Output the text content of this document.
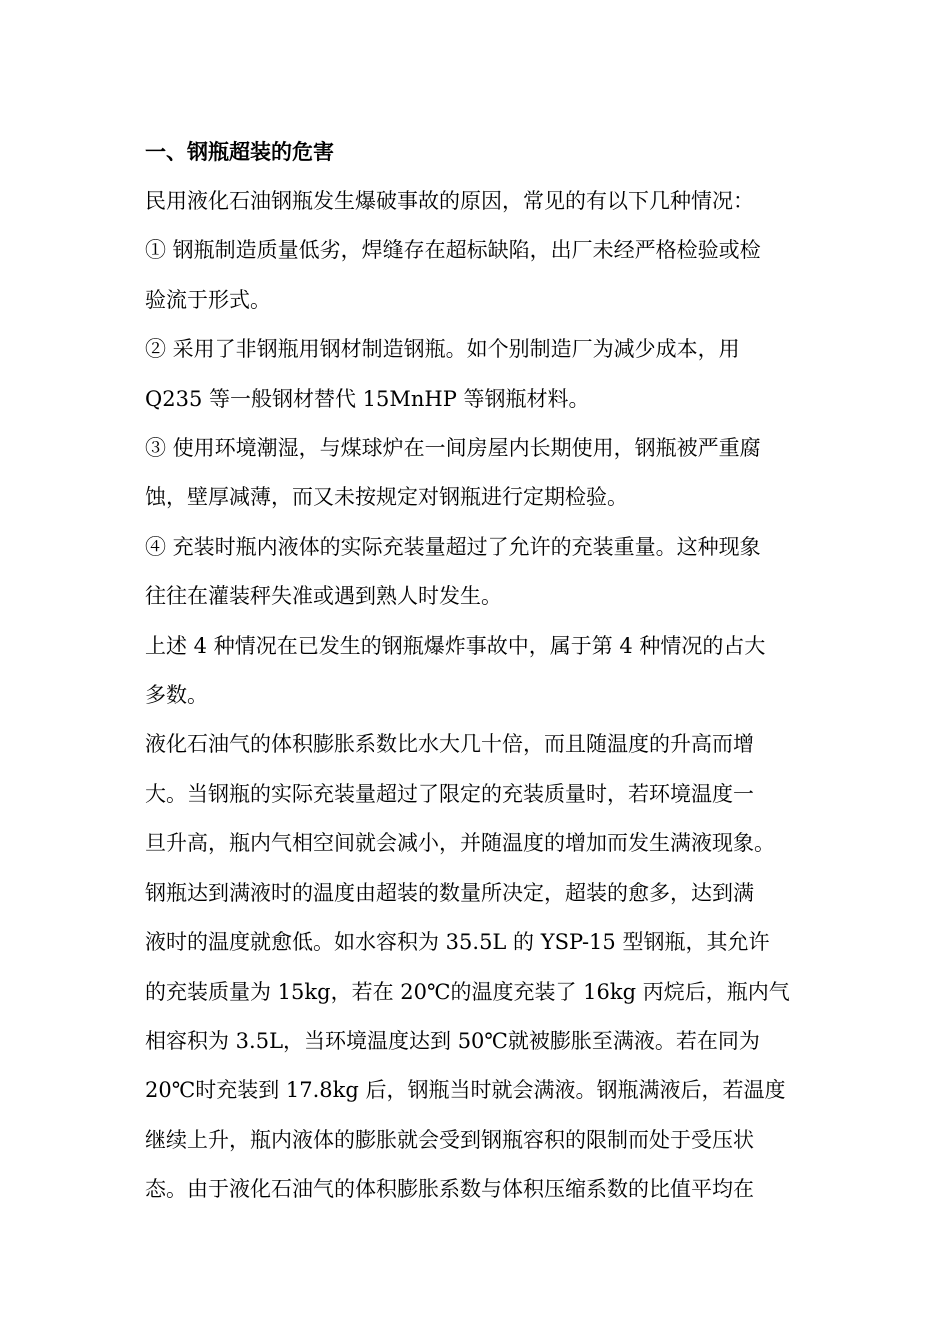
一、钢瓶超装的危害

民用液化石油钢瓶发生爆破事故的原因，常见的有以下几种情况：

① 钢瓶制造质量低劣，焊缝存在超标缺陷，出厂未经严格检验或检
验流于形式。

② 采用了非钢瓶用钢材制造钢瓶。如个别制造厂为减少成本，用
Q235 等一般钢材替代 15MnHP 等钢瓶材料。

③ 使用环境潮湿，与煤球炉在一间房屋内长期使用，钢瓶被严重腐
蚀，壁厚减薄，而又未按规定对钢瓶进行定期检验。

④ 充装时瓶内液体的实际充装量超过了允许的充装重量。这种现象
往往在灌装秤失准或遇到熟人时发生。

上述 4 种情况在已发生的钢瓶爆炸事故中，属于第 4 种情况的占大
多数。

液化石油气的体积膨胀系数比水大几十倍，而且随温度的升高而增
大。当钢瓶的实际充装量超过了限定的充装质量时，若环境温度一
旦升高，瓶内气相空间就会减小，并随温度的增加而发生满液现象。
钢瓶达到满液时的温度由超装的数量所决定，超装的愈多，达到满
液时的温度就愈低。如水容积为 35.5L 的 YSP-15 型钢瓶，其允许
的充装质量为 15kg，若在 20℃的温度充装了 16kg 丙烷后，瓶内气
相容积为 3.5L，当环境温度达到 50℃就被膨胀至满液。若在同为
20℃时充装到 17.8kg 后，钢瓶当时就会满液。钢瓶满液后，若温度
继续上升，瓶内液体的膨胀就会受到钢瓶容积的限制而处于受压状
态。由于液化石油气的体积膨胀系数与体积压缩系数的比值平均在
